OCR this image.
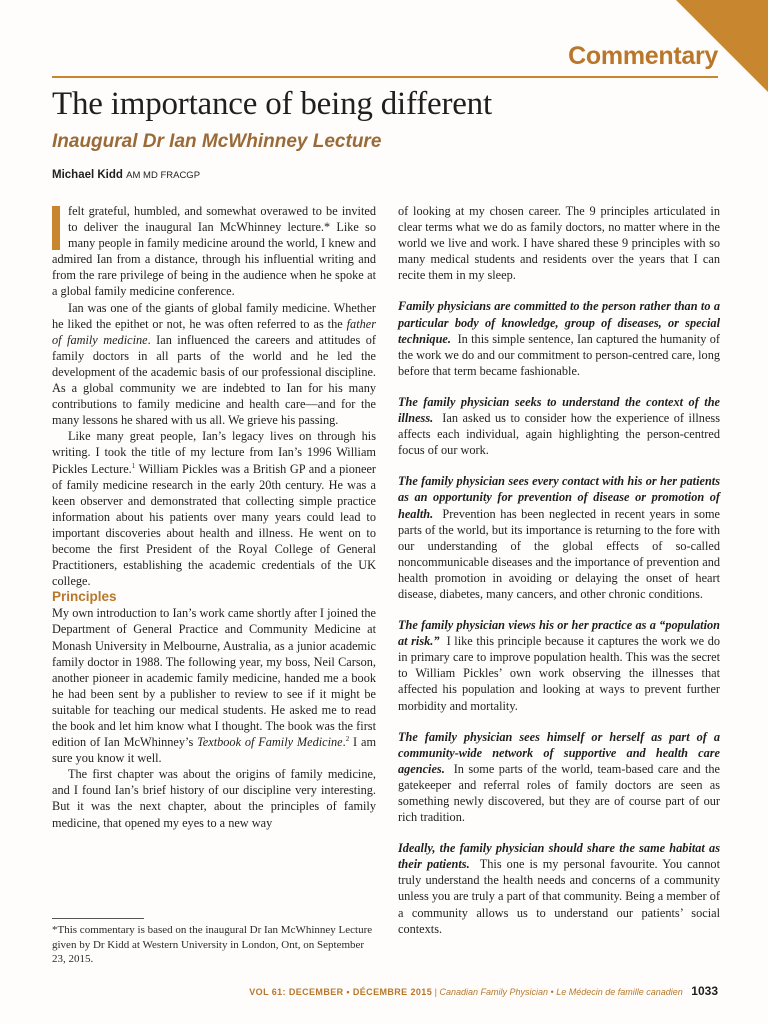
Commentary
The importance of being different
Inaugural Dr Ian McWhinney Lecture
Michael Kidd AM MD FRACGP

felt grateful, humbled, and somewhat overawed to be invited to deliver the inaugural Ian McWhinney lecture.* Like so many people in family medicine around the world, I knew and admired Ian from a distance, through his influential writing and from the rare privilege of being in the audience when he spoke at a global family medicine conference.

Ian was one of the giants of global family medicine. Whether he liked the epithet or not, he was often referred to as the father of family medicine. Ian influenced the careers and attitudes of family doctors in all parts of the world and he led the development of the academic basis of our professional discipline. As a global community we are indebted to Ian for his many contributions to family medicine and health care—and for the many lessons he shared with us all. We grieve his passing.

Like many great people, Ian’s legacy lives on through his writing. I took the title of my lecture from Ian’s 1996 William Pickles Lecture.$^1$ William Pickles was a British GP and a pioneer of family medicine research in the early 20th century. He was a keen observer and demonstrated that collecting simple practice information about his patients over many years could lead to important discoveries about health and illness. He went on to become the first President of the Royal College of General Practitioners, establishing the academic credentials of the UK college.

Principles

My own introduction to Ian’s work came shortly after I joined the Department of General Practice and Community Medicine at Monash University in Melbourne, Australia, as a junior academic family doctor in 1988. The following year, my boss, Neil Carson, another pioneer in academic family medicine, handed me a book he had been sent by a publisher to review to see if it might be suitable for teaching our medical students. He asked me to read the book and let him know what I thought. The book was the first edition of Ian McWhinney’s Textbook of Family Medicine.$^2$ I am sure you know it well.

The first chapter was about the origins of family medicine, and I found Ian’s brief history of our discipline very interesting. But it was the next chapter, about the principles of family medicine, that opened my eyes to a new way

*This commentary is based on the inaugural Dr Ian McWhinney Lecture given by Dr Kidd at Western University in London, Ont, on September 23, 2015.

of looking at my chosen career. The 9 principles articulated in clear terms what we do as family doctors, no matter where in the world we live and work. I have shared these 9 principles with so many medical students and residents over the years that I can recite them in my sleep.

Family physicians are committed to the person rather than to a particular body of knowledge, group of diseases, or special technique. In this simple sentence, Ian captured the humanity of the work we do and our commitment to person-centred care, long before that term became fashionable.

The family physician seeks to understand the context of the illness. Ian asked us to consider how the experience of illness affects each individual, again highlighting the person-centred focus of our work.

The family physician sees every contact with his or her patients as an opportunity for prevention of disease or promotion of health. Prevention has been neglected in recent years in some parts of the world, but its importance is returning to the fore with our understanding of the global effects of so-called noncommunicable diseases and the importance of prevention and health promotion in avoiding or delaying the onset of heart disease, diabetes, many cancers, and other chronic conditions.

The family physician views his or her practice as a “population at risk.” I like this principle because it captures the work we do in primary care to improve population health. This was the secret to William Pickles’ own work observing the illnesses that affected his population and looking at ways to prevent further morbidity and mortality.

The family physician sees himself or herself as part of a community-wide network of supportive and health care agencies. In some parts of the world, team-based care and the gatekeeper and referral roles of family doctors are seen as something newly discovered, but they are of course part of our rich tradition.

Ideally, the family physician should share the same habitat as their patients. This one is my personal favourite. You cannot truly understand the health needs and concerns of a community unless you are truly a part of that community. Being a member of a community allows us to understand our patients’ social contexts.

VOL 61: DECEMBER • DÉCEMBRE 2015 | Canadian Family Physician • Le Médecin de famille canadien 1033
